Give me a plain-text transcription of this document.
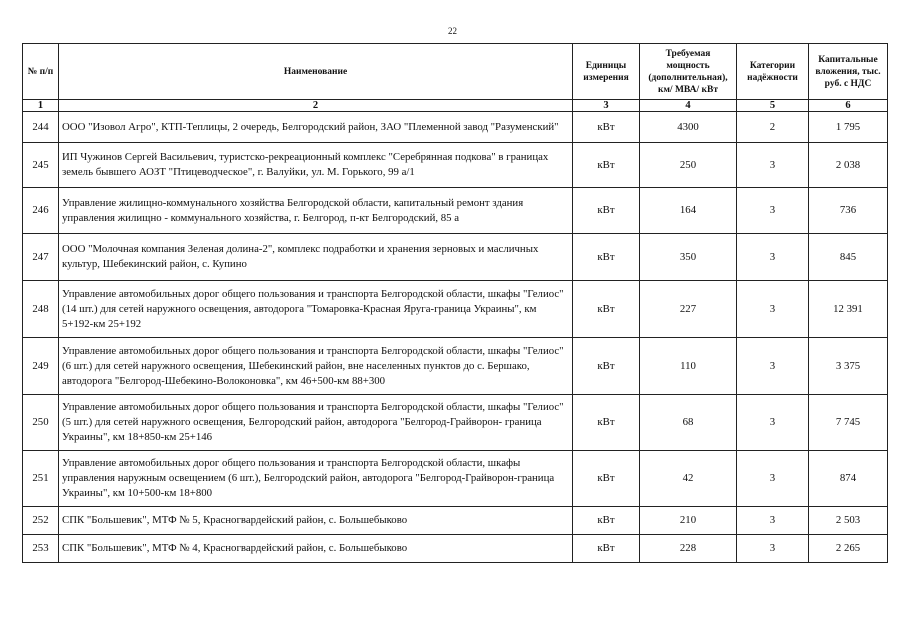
22
№ п/п	Наименование	Единицы измерения	Требуемая мощность (дополнительная), км/ МВА/ кВт	Категории надёжности	Капитальные вложения, тыс. руб. с НДС
1	2	3	4	5	6
244	ООО "Изовол Агро", КТП-Теплицы, 2 очередь, Белгородский район, ЗАО "Племенной завод "Разуменский"	кВт	4300	2	1 795
245	ИП Чужинов Сергей Васильевич, туристско-рекреационный комплекс "Серебрянная подкова" в границах земель бывшего АОЗТ "Птицеводческое", г. Валуйки, ул. М. Горького, 99 а/1	кВт	250	3	2 038
246	Управление жилищно-коммунального хозяйства Белгородской области, капитальный ремонт здания управления жилищно - коммунального хозяйства, г. Белгород, п-кт Белгородский, 85 а	кВт	164	3	736
247	ООО "Молочная компания Зеленая долина-2", комплекс подработки и хранения зерновых и масличных культур, Шебекинский район, с. Купино	кВт	350	3	845
248	Управление автомобильных дорог общего пользования и транспорта Белгородской области, шкафы "Гелиос" (14 шт.) для сетей наружного освещения, автодорога "Томаровка-Красная Яруга-граница Украины", км 5+192-км 25+192	кВт	227	3	12 391
249	Управление автомобильных дорог общего пользования и транспорта Белгородской области, шкафы "Гелиос" (6 шт.) для сетей наружного освещения, Шебекинский район, вне населенных пунктов до с. Бершако, автодорога "Белгород-Шебекино-Волоконовка", км 46+500-км 88+300	кВт	110	3	3 375
250	Управление автомобильных дорог общего пользования и транспорта Белгородской области, шкафы "Гелиос" (5 шт.) для сетей наружного освещения, Белгородский район, автодорога "Белгород-Грайворон- граница Украины", км 18+850-км 25+146	кВт	68	3	7 745
251	Управление автомобильных дорог общего пользования и транспорта Белгородской области, шкафы управления наружным освещением (6 шт.), Белгородский район, автодорога "Белгород-Грайворон-граница Украины", км 10+500-км 18+800	кВт	42	3	874
252	СПК "Большевик", МТФ № 5, Красногвардейский район, с. Большебыково	кВт	210	3	2 503
253	СПК "Большевик", МТФ № 4, Красногвардейский район, с. Большебыково	кВт	228	3	2 265
